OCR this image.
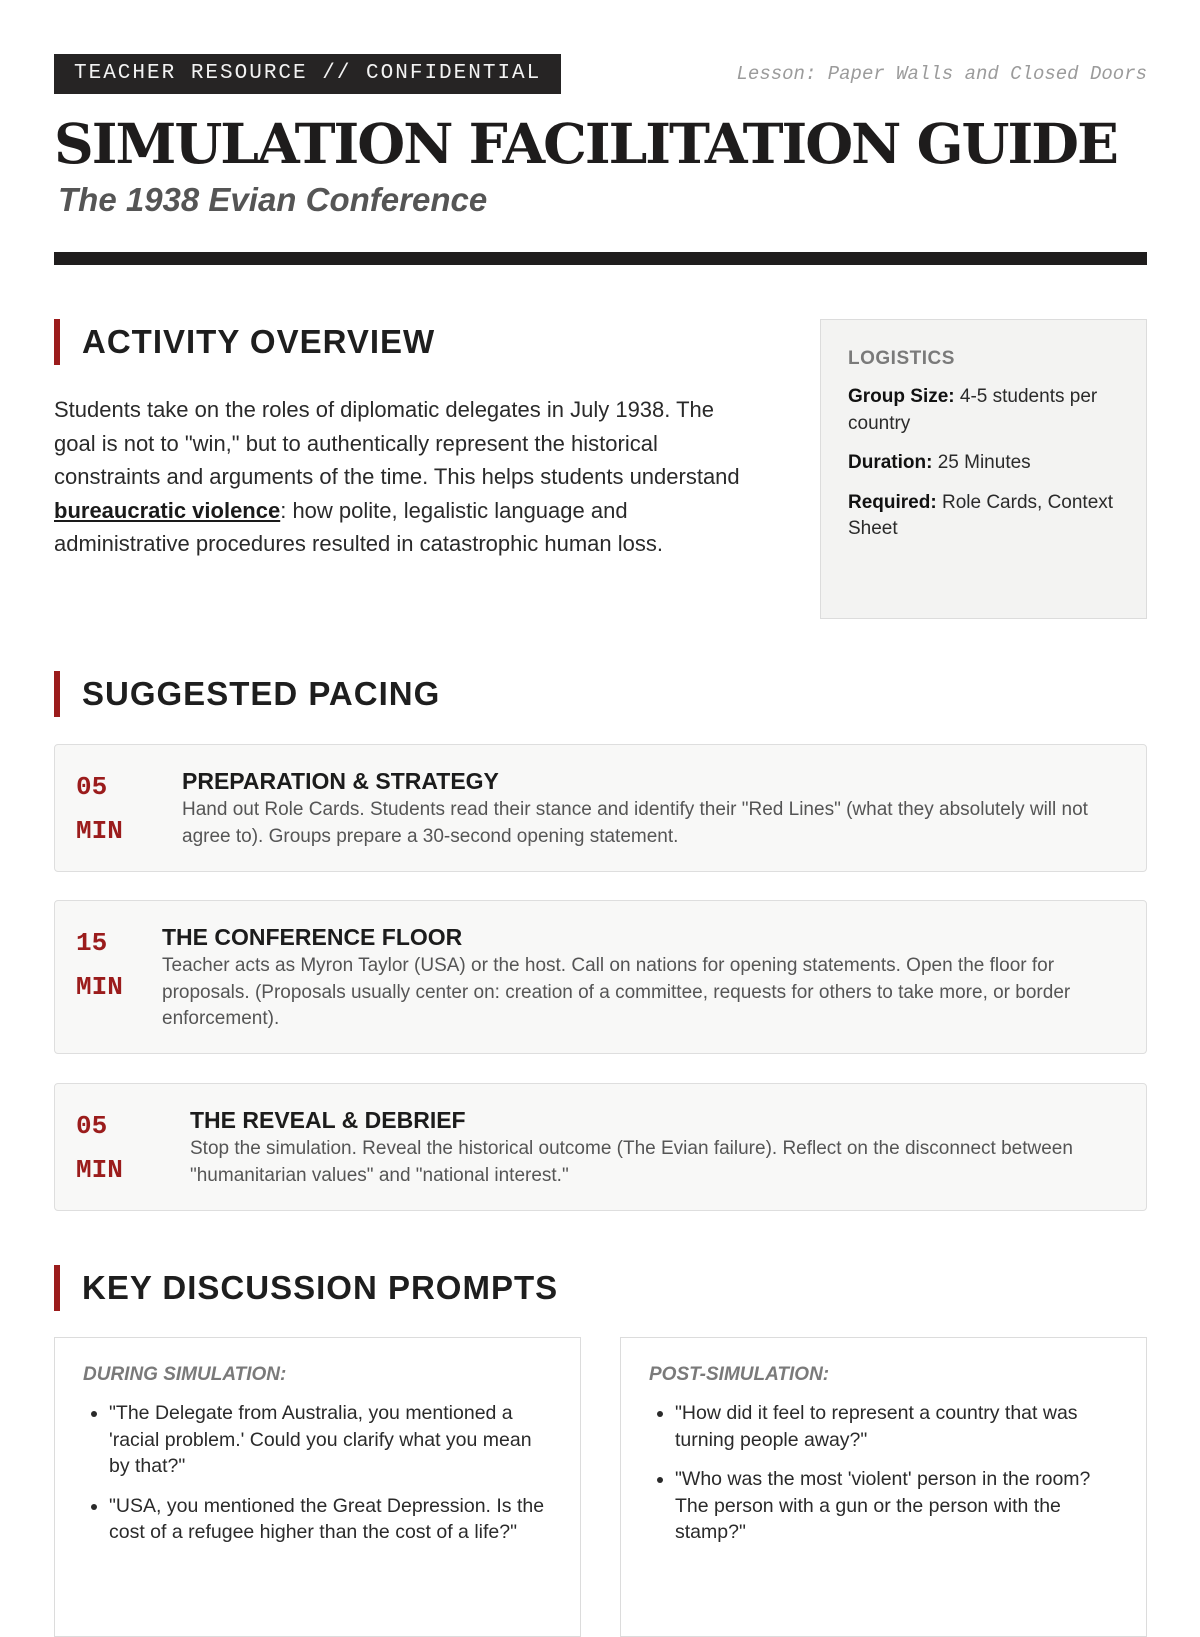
TEACHER RESOURCE // CONFIDENTIAL	Lesson: Paper Walls and Closed Doors
SIMULATION FACILITATION GUIDE
The 1938 Evian Conference
ACTIVITY OVERVIEW
Students take on the roles of diplomatic delegates in July 1938. The goal is not to "win," but to authentically represent the historical constraints and arguments of the time. This helps students understand bureaucratic violence: how polite, legalistic language and administrative procedures resulted in catastrophic human loss.
LOGISTICS
Group Size: 4-5 students per country
Duration: 25 Minutes
Required: Role Cards, Context Sheet
SUGGESTED PACING
05
MIN
PREPARATION & STRATEGY
Hand out Role Cards. Students read their stance and identify their "Red Lines" (what they absolutely will not agree to). Groups prepare a 30-second opening statement.
15
MIN
THE CONFERENCE FLOOR
Teacher acts as Myron Taylor (USA) or the host. Call on nations for opening statements. Open the floor for proposals. (Proposals usually center on: creation of a committee, requests for others to take more, or border enforcement).
05
MIN
THE REVEAL & DEBRIEF
Stop the simulation. Reveal the historical outcome (The Evian failure). Reflect on the disconnect between "humanitarian values" and "national interest."
KEY DISCUSSION PROMPTS
DURING SIMULATION:
• "The Delegate from Australia, you mentioned a 'racial problem.' Could you clarify what you mean by that?"
• "USA, you mentioned the Great Depression. Is the cost of a refugee higher than the cost of a life?"
POST-SIMULATION:
• "How did it feel to represent a country that was turning people away?"
• "Who was the most 'violent' person in the room? The person with a gun or the person with the stamp?"
